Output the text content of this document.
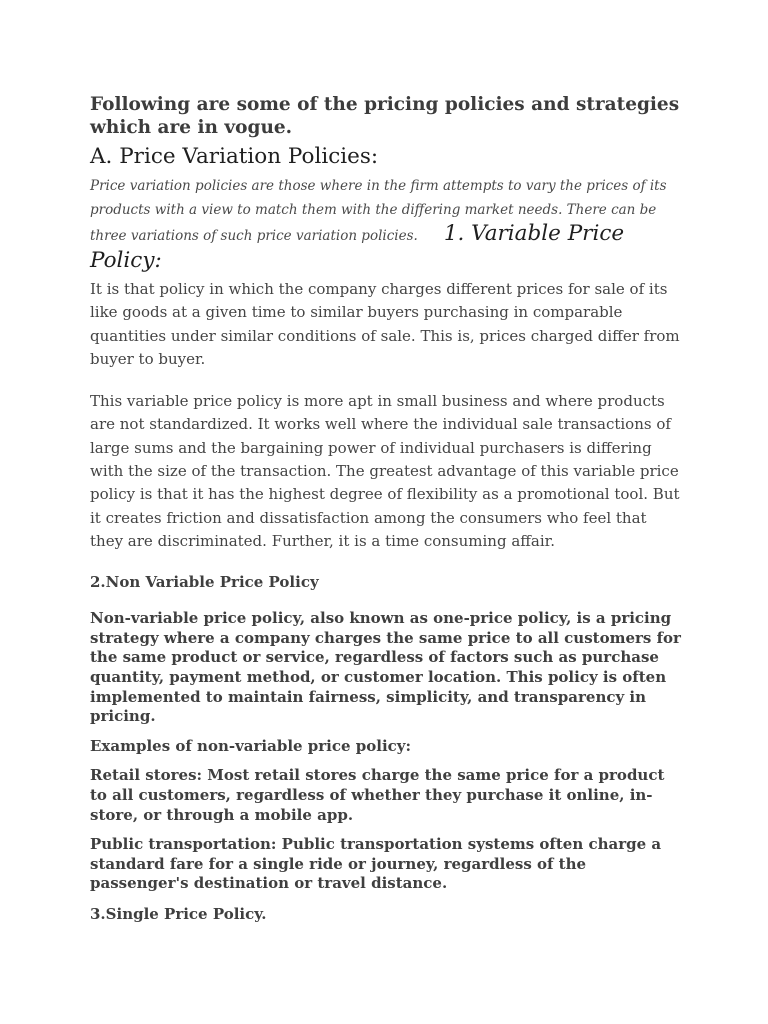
Following are some of the pricing policies and strategies which are in vogue.
A. Price Variation Policies:

Price variation policies are those where in the firm attempts to vary the prices of its products with a view to match them with the differing market needs. There can be three variations of such price variation policies. 1. Variable Price Policy:

It is that policy in which the company charges different prices for sale of its like goods at a given time to similar buyers purchasing in comparable quantities under similar conditions of sale. This is, prices charged differ from buyer to buyer.

This variable price policy is more apt in small business and where products are not standardized. It works well where the individual sale transactions of large sums and the bargaining power of individual purchasers is differing with the size of the transaction. The greatest advantage of this variable price policy is that it has the highest degree of flexibility as a promotional tool. But it creates friction and dissatisfaction among the consumers who feel that they are discriminated. Further, it is a time consuming affair.

2.Non Variable Price Policy

Non-variable price policy, also known as one-price policy, is a pricing strategy where a company charges the same price to all customers for the same product or service, regardless of factors such as purchase quantity, payment method, or customer location. This policy is often implemented to maintain fairness, simplicity, and transparency in pricing.

Examples of non-variable price policy:

Retail stores: Most retail stores charge the same price for a product to all customers, regardless of whether they purchase it online, in-store, or through a mobile app.

Public transportation: Public transportation systems often charge a standard fare for a single ride or journey, regardless of the passenger's destination or travel distance.

3.Single Price Policy.
